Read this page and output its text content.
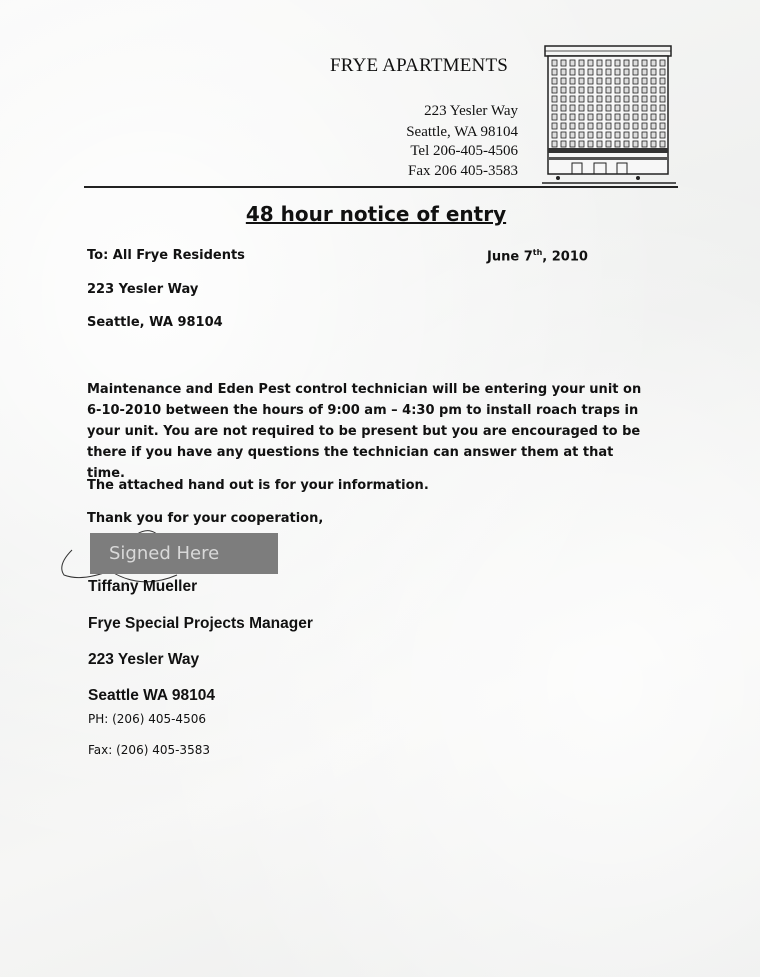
FRYE APARTMENTS
223 Yesler Way
Seattle, WA 98104
Tel 206-405-4506
Fax 206 405-3583
48 hour notice of entry
To: All Frye Residents	June 7th, 2010
223 Yesler Way
Seattle, WA 98104
Maintenance and Eden Pest control technician will be entering your unit on 6-10-2010 between the hours of 9:00 am – 4:30 pm to install roach traps in your unit. You are not required to be present but you are encouraged to be there if you have any questions the technician can answer them at that time.
The attached hand out is for your information.
Thank you for your cooperation,
Signed Here
Tiffany Mueller
Frye Special Projects Manager
223 Yesler Way
Seattle WA 98104
PH: (206) 405-4506
Fax: (206) 405-3583
